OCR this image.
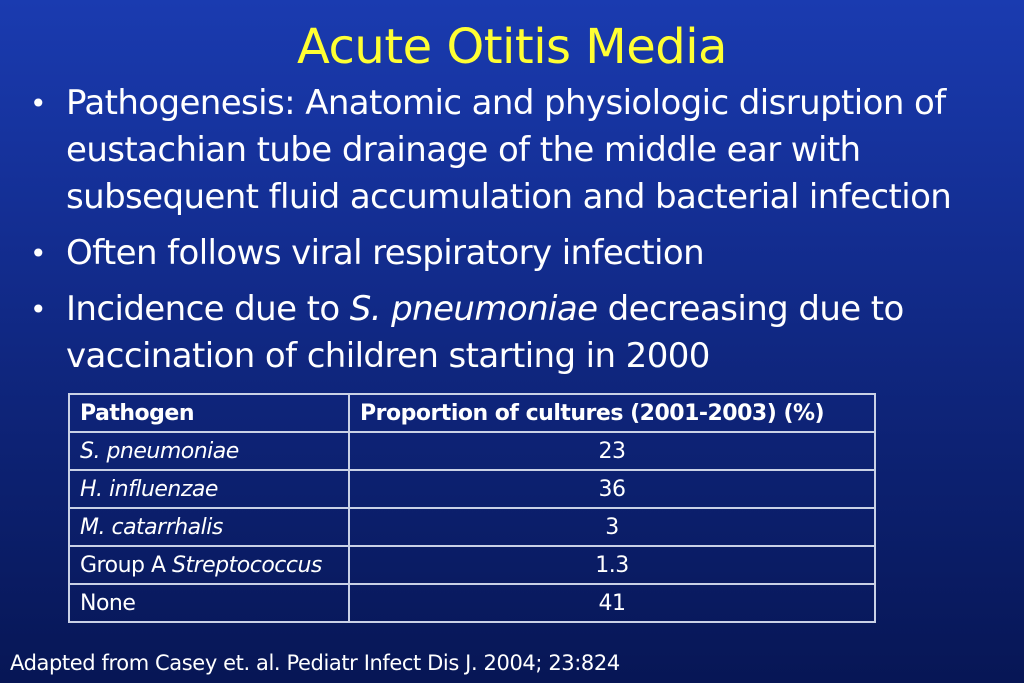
Acute Otitis Media
• Pathogenesis: Anatomic and physiologic disruption of eustachian tube drainage of the middle ear with subsequent fluid accumulation and bacterial infection
• Often follows viral respiratory infection
• Incidence due to S. pneumoniae decreasing due to vaccination of children starting in 2000
Pathogen	Proportion of cultures (2001-2003) (%)
S. pneumoniae	23
H. influenzae	36
M. catarrhalis	3
Group A Streptococcus	1.3
None	41
Adapted from Casey et. al. Pediatr Infect Dis J. 2004; 23:824
